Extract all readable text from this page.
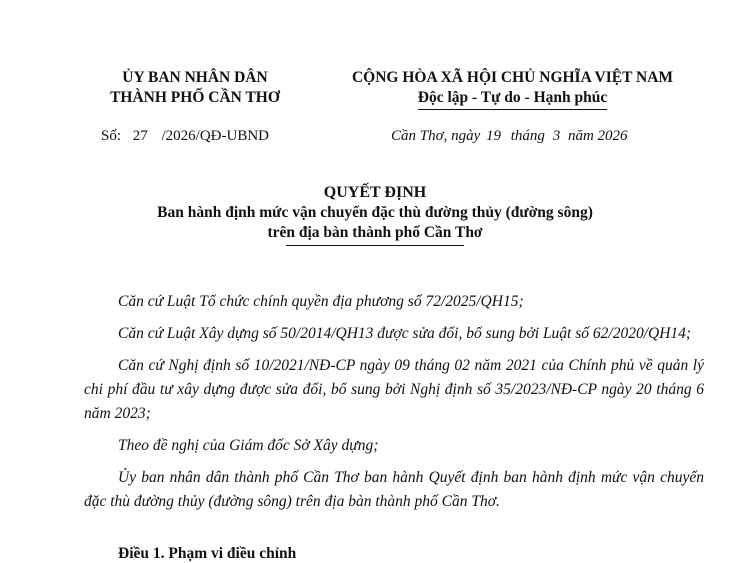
ỦY BAN NHÂN DÂN
THÀNH PHỐ CẦN THƠ
CỘNG HÒA XÃ HỘI CHỦ NGHĨA VIỆT NAM
Độc lập - Tự do - Hạnh phúc
Số: 27 /2026/QĐ-UBND	Cần Thơ, ngày 19 tháng 3 năm 2026
QUYẾT ĐỊNH
Ban hành định mức vận chuyển đặc thù đường thủy (đường sông)
trên địa bàn thành phố Cần Thơ

Căn cứ Luật Tổ chức chính quyền địa phương số 72/2025/QH15;

Căn cứ Luật Xây dựng số 50/2014/QH13 được sửa đổi, bổ sung bởi Luật số 62/2020/QH14;

Căn cứ Nghị định số 10/2021/NĐ-CP ngày 09 tháng 02 năm 2021 của Chính phủ về quản lý chi phí đầu tư xây dựng được sửa đổi, bổ sung bởi Nghị định số 35/2023/NĐ-CP ngày 20 tháng 6 năm 2023;

Theo đề nghị của Giám đốc Sở Xây dựng;

Ủy ban nhân dân thành phố Cần Thơ ban hành Quyết định ban hành định mức vận chuyển đặc thù đường thủy (đường sông) trên địa bàn thành phố Cần Thơ.

Điều 1. Phạm vi điều chỉnh
